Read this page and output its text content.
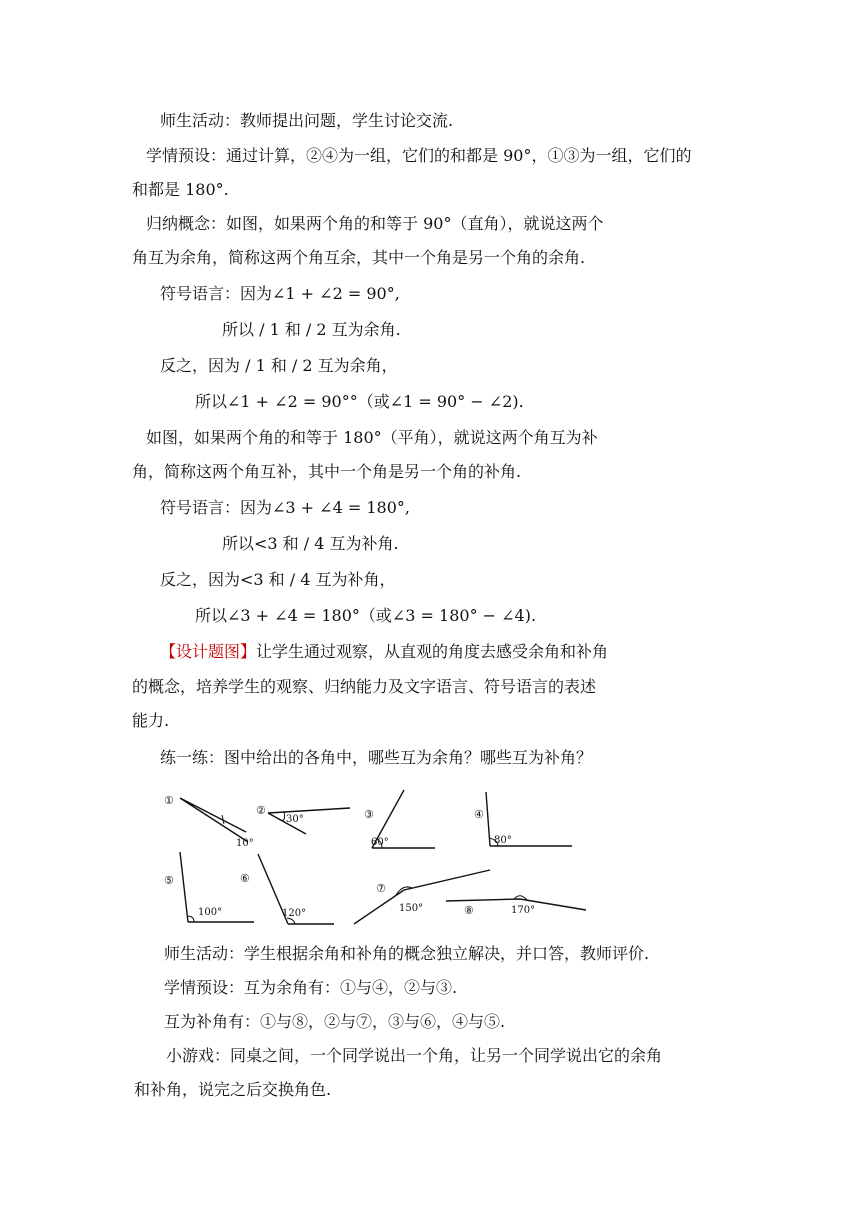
师生活动：教师提出问题，学生讨论交流.
学情预设：通过计算，②④为一组，它们的和都是 90°，①③为一组，它们的
和都是 180°.
归纳概念：如图，如果两个角的和等于 90°（直角），就说这两个
角互为余角，简称这两个角互余，其中一个角是另一个角的余角.
符号语言：因为∠1 + ∠2 = 90°,
所以 / 1 和 / 2 互为余角.
反之，因为 / 1 和 / 2 互为余角，
所以∠1 + ∠2 = 90°°（或∠1 = 90° − ∠2).
如图，如果两个角的和等于 180°（平角），就说这两个角互为补
角，简称这两个角互补，其中一个角是另一个角的补角.
符号语言：因为∠3 + ∠4 = 180°,
所以<3 和 / 4 互为补角.
反之，因为<3 和 / 4 互为补角，
所以∠3 + ∠4 = 180°（或∠3 = 180° − ∠4).
【设计题图】让学生通过观察，从直观的角度去感受余角和补角
的概念，培养学生的观察、归纳能力及文字语言、符号语言的表述
能力.
练一练：图中给出的各角中，哪些互为余角？哪些互为补角？
①
10°
②
30°	③
60°
④
80°
⑤
100°
⑥
120°
⑦
150°	⑧	170°
师生活动：学生根据余角和补角的概念独立解决，并口答，教师评价.
学情预设：互为余角有：①与④，②与③.
互为补角有：①与⑧，②与⑦，③与⑥，④与⑤.
小游戏：同桌之间，一个同学说出一个角，让另一个同学说出它的余角
和补角，说完之后交换角色.
